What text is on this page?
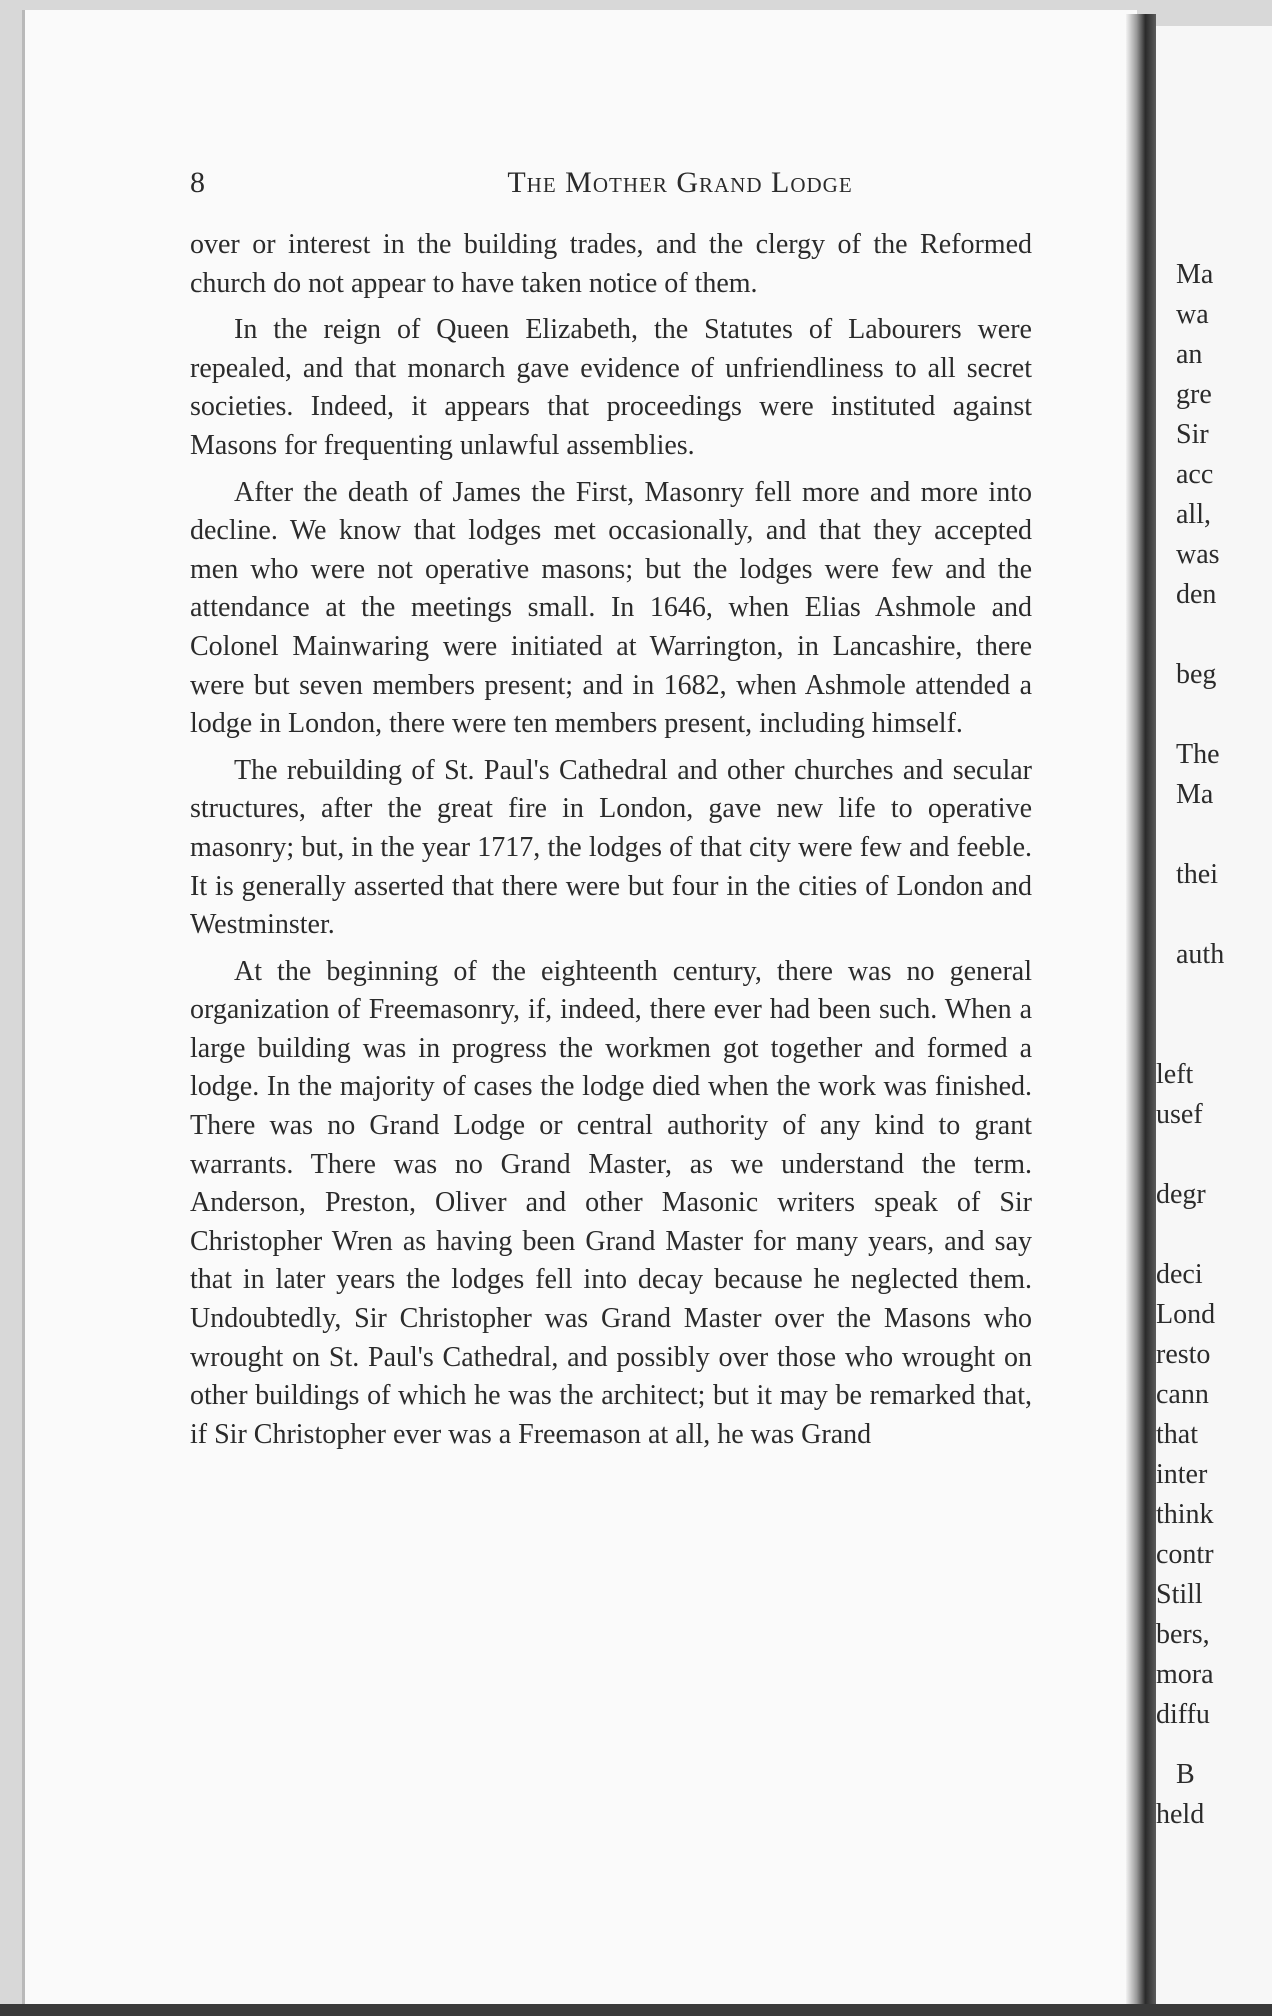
8	The Mother Grand Lodge

over or interest in the building trades, and the clergy of the Reformed church do not appear to have taken notice of them.

In the reign of Queen Elizabeth, the Statutes of Labourers were repealed, and that monarch gave evidence of unfriendliness to all secret societies. Indeed, it appears that proceedings were instituted against Masons for frequenting unlawful assemblies.

After the death of James the First, Masonry fell more and more into decline. We know that lodges met occasionally, and that they accepted men who were not operative masons; but the lodges were few and the attendance at the meetings small. In 1646, when Elias Ashmole and Colonel Mainwaring were initiated at Warrington, in Lancashire, there were but seven members present; and in 1682, when Ashmole attended a lodge in London, there were ten members present, including himself.

The rebuilding of St. Paul's Cathedral and other churches and secular structures, after the great fire in London, gave new life to operative masonry; but, in the year 1717, the lodges of that city were few and feeble. It is generally asserted that there were but four in the cities of London and Westminster.

At the beginning of the eighteenth century, there was no general organization of Freemasonry, if, indeed, there ever had been such. When a large building was in progress the workmen got together and formed a lodge. In the majority of cases the lodge died when the work was finished. There was no Grand Lodge or central authority of any kind to grant warrants. There was no Grand Master, as we understand the term. Anderson, Preston, Oliver and other Masonic writers speak of Sir Christopher Wren as having been Grand Master for many years, and say that in later years the lodges fell into decay because he neglected them. Undoubtedly, Sir Christopher was Grand Master over the Masons who wrought on St. Paul's Cathedral, and possibly over those who wrought on other buildings of which he was the architect; but it may be remarked that, if Sir Christopher ever was a Freemason at all, he was Grand

Ma
wa
an
gre
Sir
acc
all,
was
den
beg
The
Ma
thei
auth
left
usef
degr
deci
Lond
resto
cann
that
inter
think
contr
Still
bers,
mora
diffu
B
held
